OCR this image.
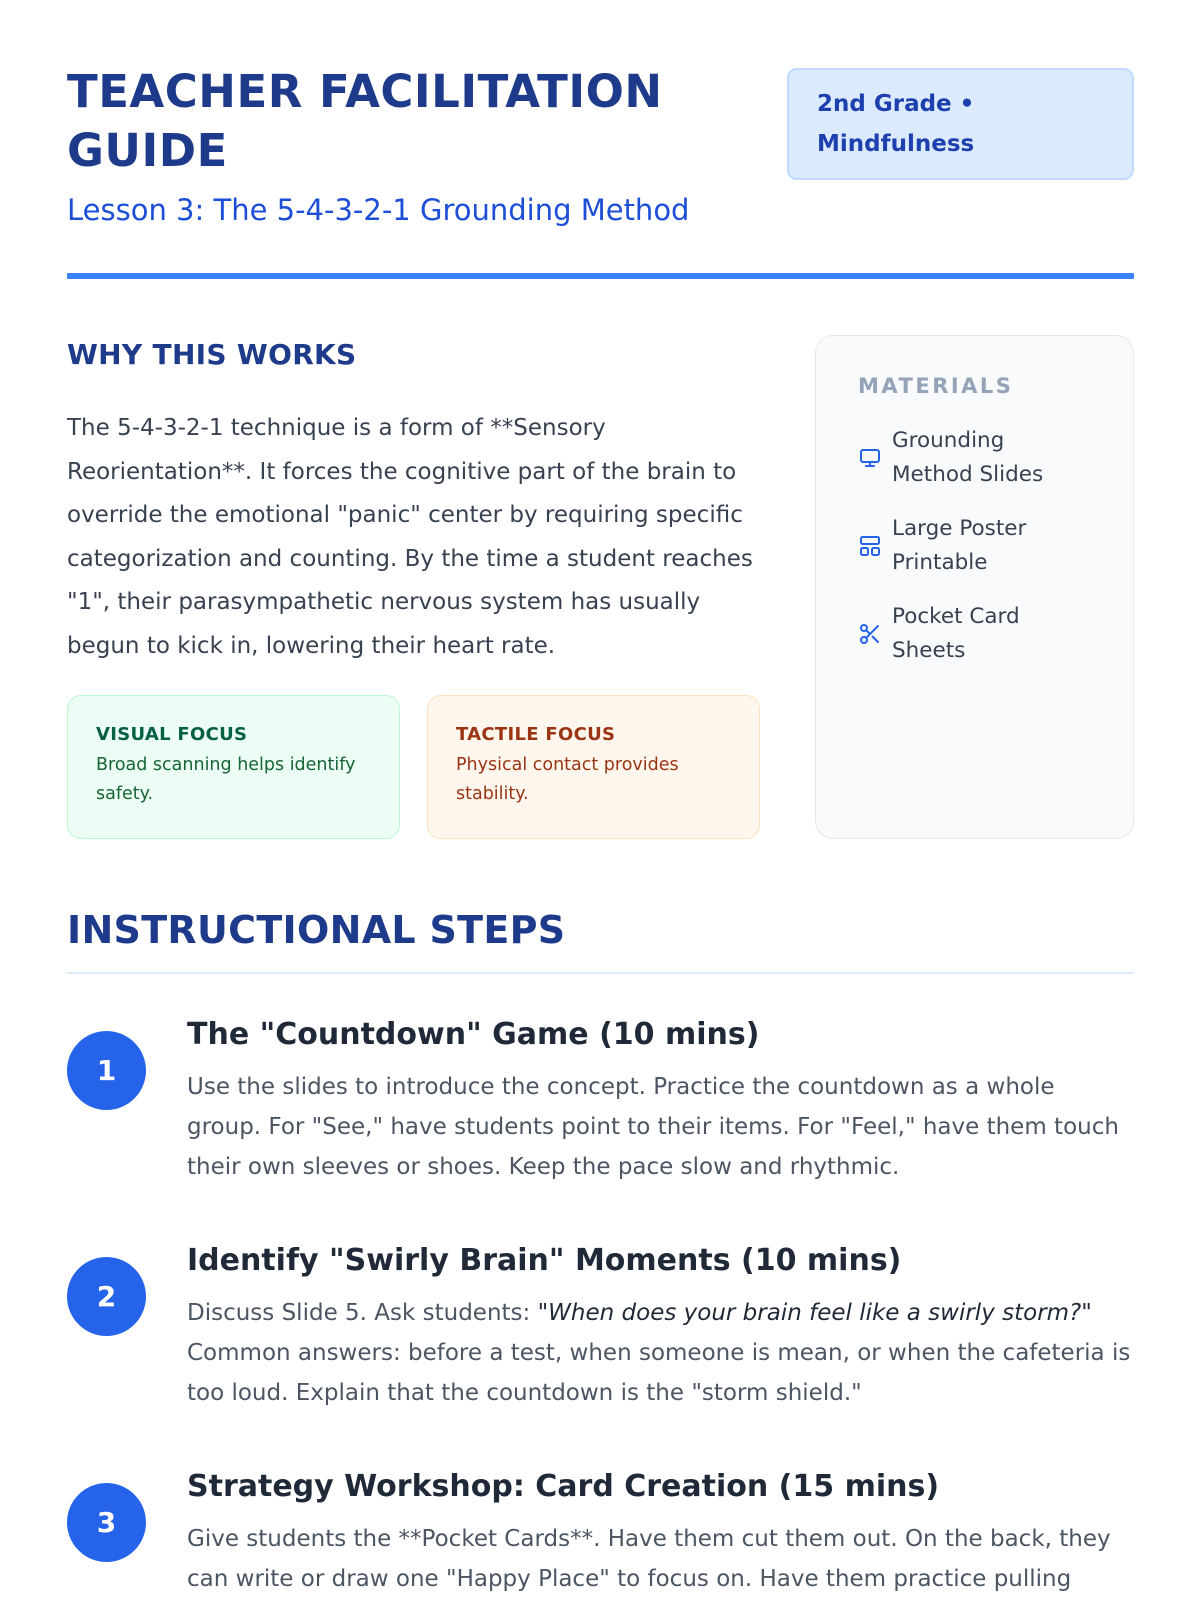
TEACHER FACILITATION GUIDE
Lesson 3: The 5-4-3-2-1 Grounding Method
2nd Grade •
Mindfulness
WHY THIS WORKS

The 5-4-3-2-1 technique is a form of **Sensory Reorientation**. It forces the cognitive part of the brain to override the emotional "panic" center by requiring specific categorization and counting. By the time a student reaches "1", their parasympathetic nervous system has usually begun to kick in, lowering their heart rate.

VISUAL FOCUS
Broad scanning helps identify safety.
TACTILE FOCUS
Physical contact provides stability.
MATERIALS
Grounding Method Slides
Large Poster Printable
Pocket Card Sheets
INSTRUCTIONAL STEPS
1
The "Countdown" Game (10 mins)

Use the slides to introduce the concept. Practice the countdown as a whole group. For "See," have students point to their items. For "Feel," have them touch their own sleeves or shoes. Keep the pace slow and rhythmic.

2
Identify "Swirly Brain" Moments (10 mins)

Discuss Slide 5. Ask students: "When does your brain feel like a swirly storm?" Common answers: before a test, when someone is mean, or when the cafeteria is too loud. Explain that the countdown is the "storm shield."

3
Strategy Workshop: Card Creation (15 mins)

Give students the **Pocket Cards**. Have them cut them out. On the back, they can write or draw one "Happy Place" to focus on. Have them practice pulling
